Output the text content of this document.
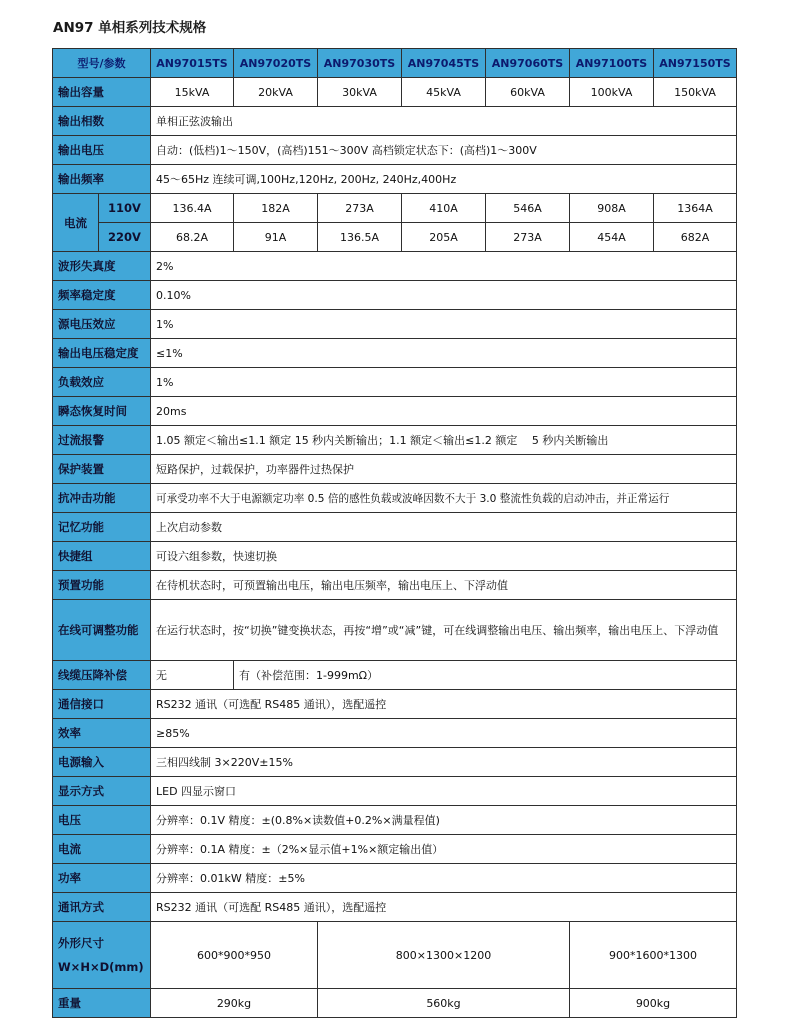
AN97 单相系列技术规格
型号/参数		AN97015TS	AN97020TS	AN97030TS	AN97045TS	AN97060TS	AN97100TS	AN97150TS
输出容量		15kVA	20kVA	30kVA	45kVA	60kVA	100kVA	150kVA
输出相数		单相正弦波输出						
输出电压		自动：(低档)1～150V，(高档)151～300V 高档锁定状态下：(高档)1～300V						
输出频率		45～65Hz 连续可调,100Hz,120Hz, 200Hz, 240Hz,400Hz						
电流	110V	136.4A	182A	273A	410A	546A	908A	1364A
	220V	68.2A	91A	136.5A	205A	273A	454A	682A
波形失真度		2%						
频率稳定度		0.10%						
源电压效应		1%						
输出电压稳定度		≤1%						
负载效应		1%						
瞬态恢复时间		20ms						
过流报警		1.05 额定＜输出≤1.1 额定 15 秒内关断输出；1.1 额定＜输出≤1.2 额定　 5 秒内关断输出						
保护装置		短路保护，过载保护，功率器件过热保护						
抗冲击功能		可承受功率不大于电源额定功率 0.5 倍的感性负载或波峰因数不大于 3.0 整流性负载的启动冲击，并正常运行						
记忆功能		上次启动参数						
快捷组		可设六组参数，快速切换						
预置功能		在待机状态时，可预置输出电压，输出电压频率，输出电压上、下浮动值						
在线可调整功能		在运行状态时，按“切换”键变换状态，再按“增”或“减”键，可在线调整输出电压、输出频率，输出电压上、下浮动值						
线缆压降补偿		无	有（补偿范围：1-999mΩ）					
通信接口		RS232 通讯（可选配 RS485 通讯），选配遥控						
效率		≥85%						
电源输入		三相四线制 3×220V±15%						
显示方式		LED 四显示窗口						
电压		分辨率：0.1V 精度：±(0.8%×读数值+0.2%×满量程值)						
电流		分辨率：0.1A 精度：±（2%×显示值+1%×额定输出值）						
功率		分辨率：0.01kW 精度：±5%						
通讯方式		RS232 通讯（可选配 RS485 通讯），选配遥控						
外形尺寸
W×H×D(mm)		600*900*950		800×1300×1200			900*1600*1300	
重量		290kg		560kg			900kg	
